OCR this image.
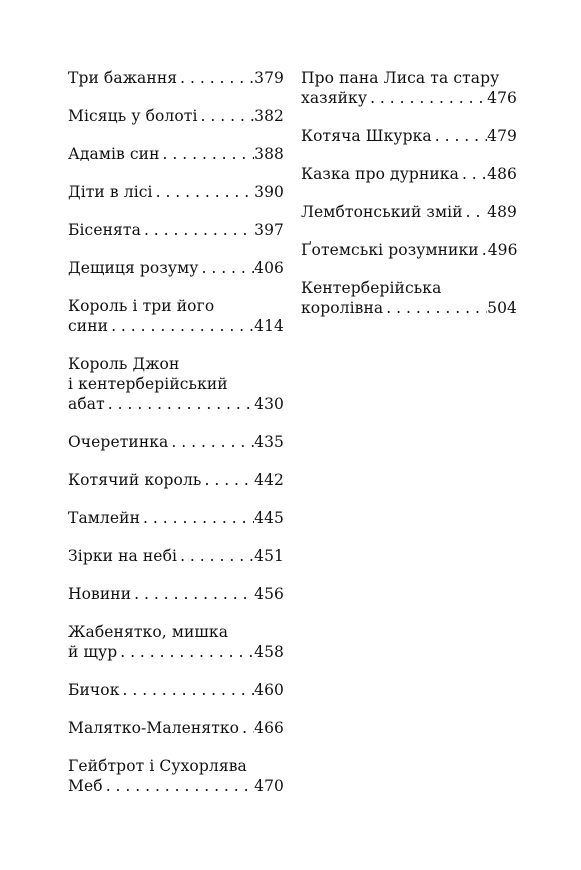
Три бажання . . .	379
Місяць у болоті . . .	382
Адамів син . . .	388
Діти в лісі . . .	390
Бісенята . . .	397
Дещиця розуму . . .	406
Король і три його
сини . . .	414
Король Джон
і кентерберійський
абат . . .	430
Очеретинка . . .	435
Котячий король . . .	442
Тамлейн . . .	445
Зірки на небі . . .	451
Новини . . .	456
Жабенятко, мишка
й щур . . .	458
Бичок . . .	460
Малятко-Маленятко . . . 466
Гейбтрот і Сухорлява
Меб . . .	470
Про пана Лиса та стару
хазяйку . . .	476
Котяча Шкурка . . .	479
Казка про дурника . . . 486
Лембтонський змій . . . 489
Ґотемські розумники . . . 496
Кентерберійська
королівна . . .	504
